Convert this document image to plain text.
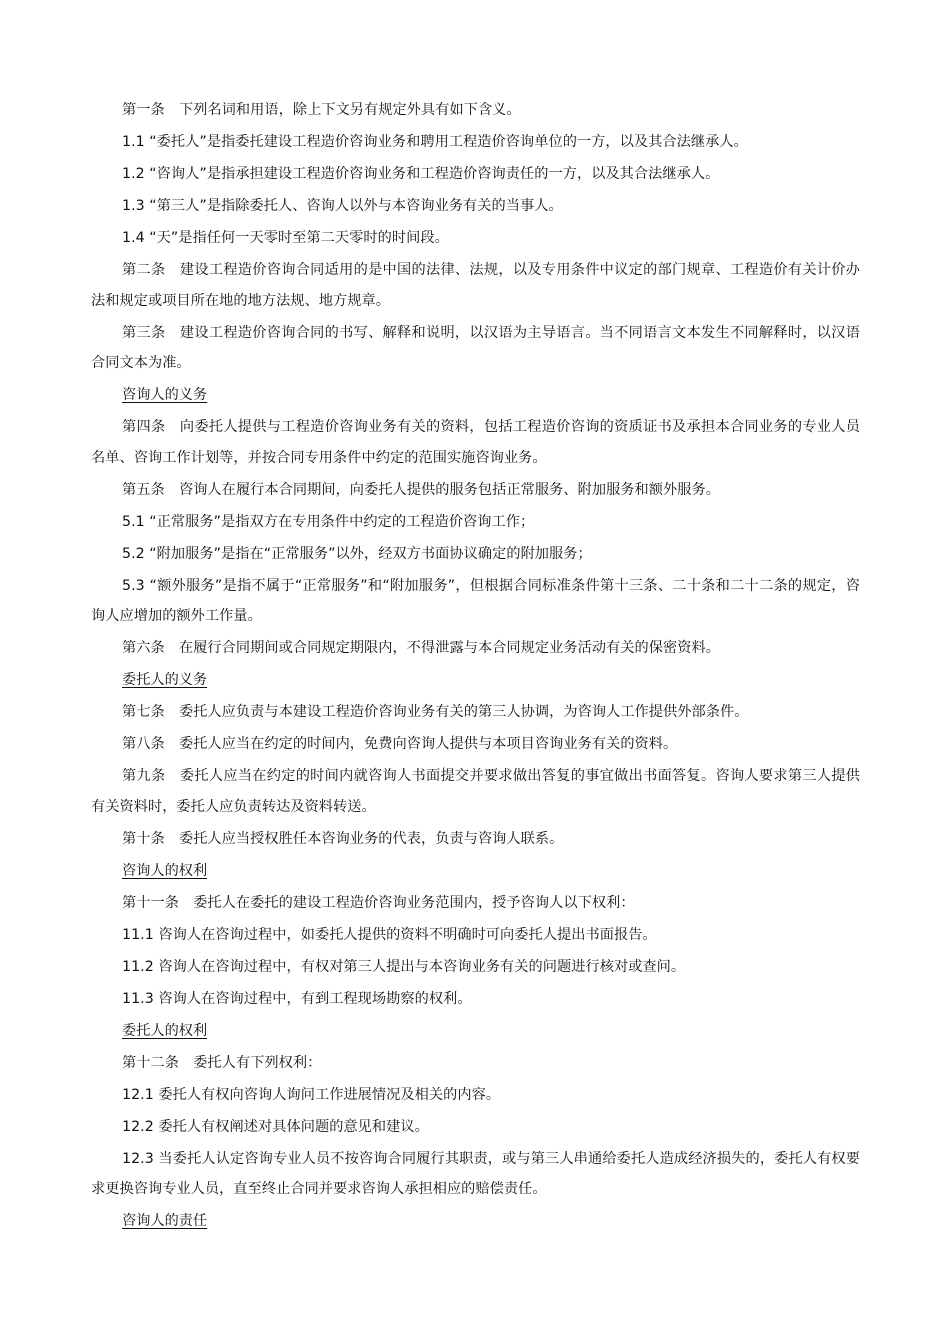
第一条　下列名词和用语，除上下文另有规定外具有如下含义。

1.1 “委托人”是指委托建设工程造价咨询业务和聘用工程造价咨询单位的一方，以及其合法继承人。

1.2 “咨询人”是指承担建设工程造价咨询业务和工程造价咨询责任的一方，以及其合法继承人。

1.3 “第三人”是指除委托人、咨询人以外与本咨询业务有关的当事人。

1.4 “天”是指任何一天零时至第二天零时的时间段。

第二条　建设工程造价咨询合同适用的是中国的法律、法规，以及专用条件中议定的部门规章、工程造价有关计价办法和规定或项目所在地的地方法规、地方规章。

第三条　建设工程造价咨询合同的书写、解释和说明，以汉语为主导语言。当不同语言文本发生不同解释时，以汉语合同文本为准。

咨询人的义务

第四条　向委托人提供与工程造价咨询业务有关的资料，包括工程造价咨询的资质证书及承担本合同业务的专业人员名单、咨询工作计划等，并按合同专用条件中约定的范围实施咨询业务。

第五条　咨询人在履行本合同期间，向委托人提供的服务包括正常服务、附加服务和额外服务。

5.1 “正常服务”是指双方在专用条件中约定的工程造价咨询工作；

5.2 “附加服务”是指在“正常服务”以外，经双方书面协议确定的附加服务；

5.3 “额外服务”是指不属于“正常服务”和“附加服务”，但根据合同标准条件第十三条、二十条和二十二条的规定，咨询人应增加的额外工作量。

第六条　在履行合同期间或合同规定期限内，不得泄露与本合同规定业务活动有关的保密资料。

委托人的义务

第七条　委托人应负责与本建设工程造价咨询业务有关的第三人协调，为咨询人工作提供外部条件。

第八条　委托人应当在约定的时间内，免费向咨询人提供与本项目咨询业务有关的资料。

第九条　委托人应当在约定的时间内就咨询人书面提交并要求做出答复的事宜做出书面答复。咨询人要求第三人提供有关资料时，委托人应负责转达及资料转送。

第十条　委托人应当授权胜任本咨询业务的代表，负责与咨询人联系。

咨询人的权利

第十一条　委托人在委托的建设工程造价咨询业务范围内，授予咨询人以下权利：

11.1 咨询人在咨询过程中，如委托人提供的资料不明确时可向委托人提出书面报告。

11.2 咨询人在咨询过程中，有权对第三人提出与本咨询业务有关的问题进行核对或查问。

11.3 咨询人在咨询过程中，有到工程现场勘察的权利。

委托人的权利

第十二条　委托人有下列权利：

12.1 委托人有权向咨询人询问工作进展情况及相关的内容。

12.2 委托人有权阐述对具体问题的意见和建议。

12.3 当委托人认定咨询专业人员不按咨询合同履行其职责，或与第三人串通给委托人造成经济损失的，委托人有权要求更换咨询专业人员，直至终止合同并要求咨询人承担相应的赔偿责任。

咨询人的责任
